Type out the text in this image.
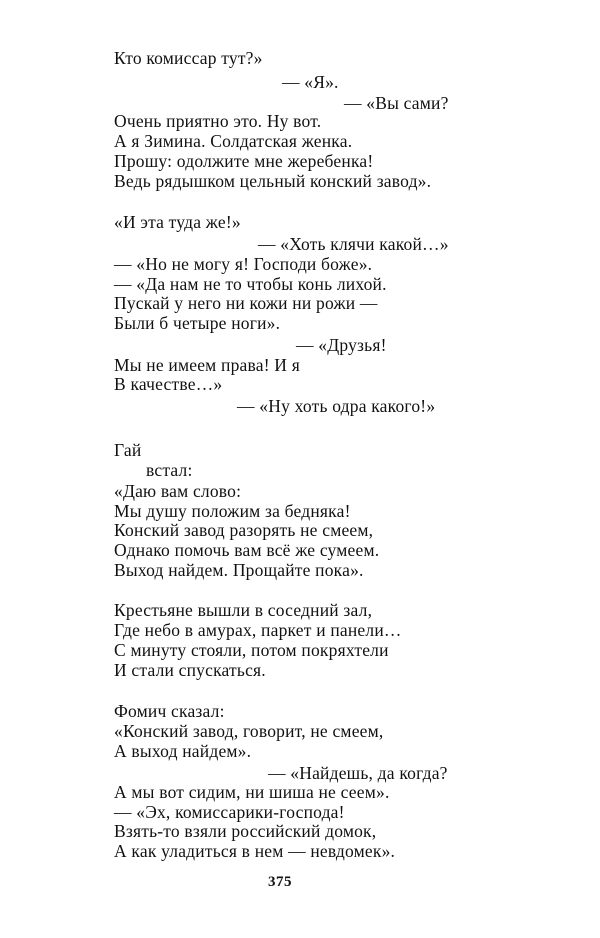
Кто комиссар тут?»
— «Я».
— «Вы сами?
Очень приятно это. Ну вот.
А я Зимина. Солдатская женка.
Прошу: одолжите мне жеребенка!
Ведь рядышком цельный конский завод».
«И эта туда же!»
— «Хоть клячи какой…»
— «Но не могу я! Господи боже».
— «Да нам не то чтобы конь лихой.
Пускай у него ни кожи ни рожи —
Были б четыре ноги».
— «Друзья!
Мы не имеем права! И я
В качестве…»
— «Ну хоть одра какого!»
Гай
встал:
«Даю вам слово:
Мы душу положим за бедняка!
Конский завод разорять не смеем,
Однако помочь вам всё же сумеем.
Выход найдем. Прощайте пока».
Крестьяне вышли в соседний зал,
Где небо в амурах, паркет и панели…
С минуту стояли, потом покряхтели
И стали спускаться.
Фомич сказал:
«Конский завод, говорит, не смеем,
А выход найдем».
— «Найдешь, да когда?
А мы вот сидим, ни шиша не сеем».
— «Эх, комиссарики-господа!
Взять-то взяли российский домок,
А как уладиться в нем — невдомек».
375
